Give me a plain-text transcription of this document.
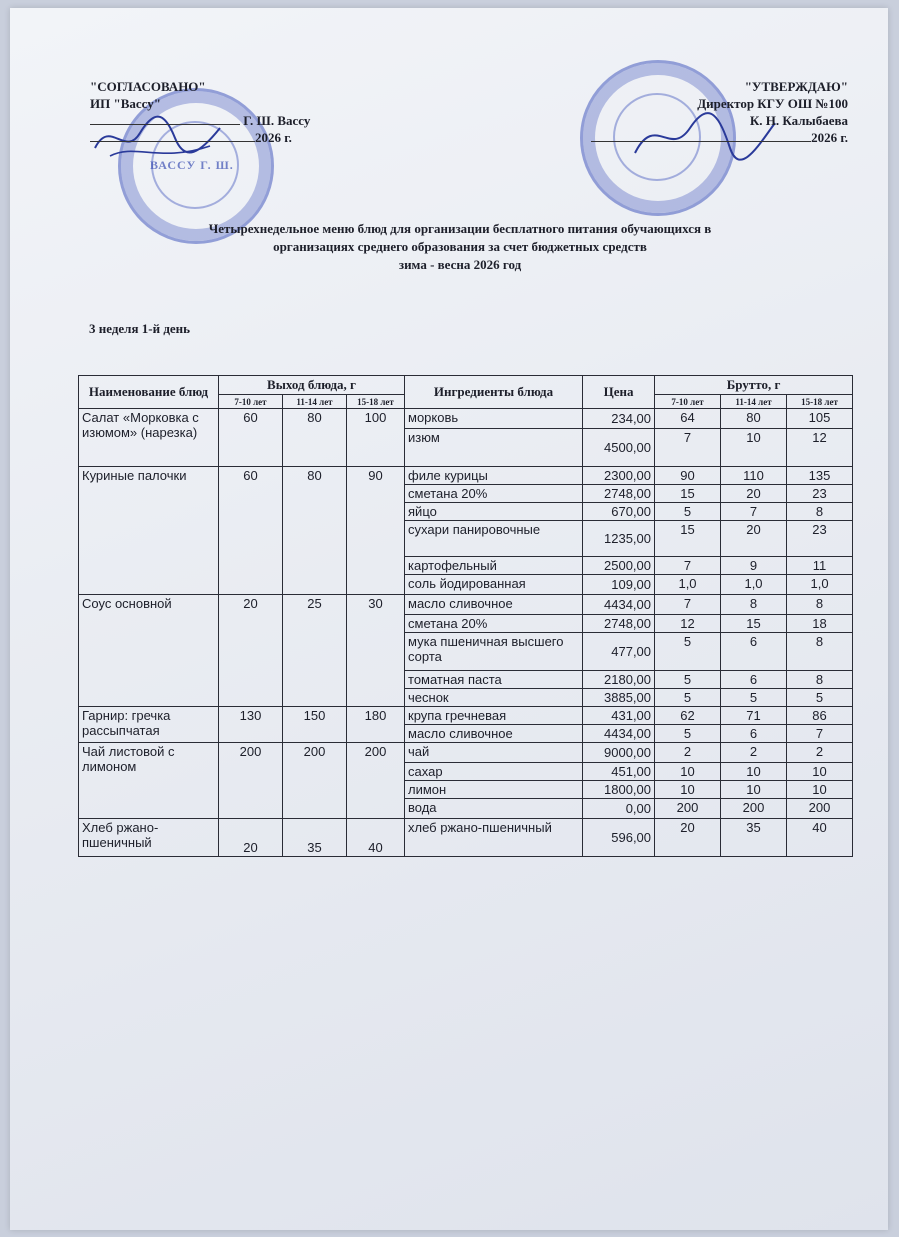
ВАССУ Г. Ш.
"СОГЛАСОВАНО"
ИП "Вассу"
Г. Ш. Вассу
2026 г.
"УТВЕРЖДАЮ"
Директор КГУ ОШ №100
К. Н. Калыбаева
2026 г.
Четырехнедельное меню блюд для организации бесплатного питания обучающихся в
организациях среднего образования за счет бюджетных средств
зима - весна 2026 год
3 неделя 1-й день
Наименование блюд	Выход блюда, г			Ингредиенты блюда	Цена	Брутто, г		
	7-10 лет	11-14 лет	15-18 лет			7-10 лет	11-14 лет	15-18 лет
Салат «Морковка с изюмом» (нарезка)	60	80	100	морковь	234,00	64	80	105
				изюм	4500,00	7	10	12
Куриные палочки	60	80	90	филе курицы	2300,00	90	110	135
				сметана 20%	2748,00	15	20	23
				яйцо	670,00	5	7	8
				сухари панировочные	1235,00	15	20	23
				картофельный	2500,00	7	9	11
				соль йодированная	109,00	1,0	1,0	1,0
Соус основной	20	25	30	масло сливочное	4434,00	7	8	8
				сметана 20%	2748,00	12	15	18
				мука пшеничная высшего сорта	477,00	5	6	8
				томатная паста	2180,00	5	6	8
				чеснок	3885,00	5	5	5
Гарнир: гречка рассыпчатая	130	150	180	крупа гречневая	431,00	62	71	86
				масло сливочное	4434,00	5	6	7
Чай листовой с лимоном	200	200	200	чай	9000,00	2	2	2
				сахар	451,00	10	10	10
				лимон	1800,00	10	10	10
				вода	0,00	200	200	200
Хлеб ржано-пшеничный	20	35	40	хлеб ржано-пшеничный	596,00	20	35	40
